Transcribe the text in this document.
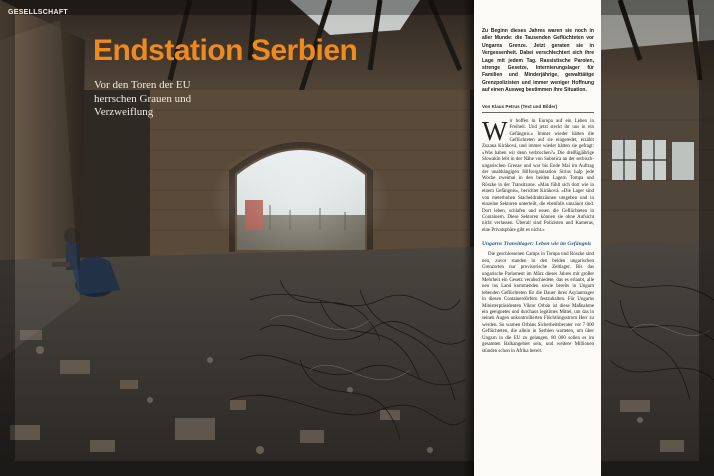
GESELLSCHAFT
Endstation Serbien
Vor den Toren der EU herrschen Grauen und Verzweiflung

Zu Beginn dieses Jahres waren sie noch in aller Munde: die Tausenden Geflüchteten vor Ungarns Grenze. Jetzt geraten sie in Vergessenheit. Dabei verschlechtert sich ihre Lage mit jedem Tag. Rassistische Parolen, strenge Gesetze, Internierungslager für Familien und Minderjährige, gewalttätige Grenzpolizisten und immer weniger Hoffnung auf einen Ausweg bestimmen ihre Situation.

Von Klaus Petrus (Text und Bilder)

Wir hoffen in Europa auf ein Leben in Freiheit. Und jetzt steckt ihr uns in ein Gefängnis.« Immer wieder hätten die Geflüchteten auf sie eingeredet, erzählt Zuzana Kiráková, und immer wieder hätten sie gefragt: »Was haben wir denn verbrochen?« Die dreißigjährige Slowakin lebt in der Nähe von Subotica an der serbisch-ungarischen Grenze und war bis Ende Mai im Auftrag der unabhängigen Hilfsorganisation Sirius halp jede Woche zweimal in den beiden Lagern Tompa und Röszke in der Transitzone. »Man fühlt sich dort wie in einem Gefängnis«, berichtet Kiráková. »Die Lager sind von meterhohen Stacheldrahtzäunen umgeben und in einzelne Sektoren unterteilt, die ebenfalls umzäunt sind. Dort leben, schlafen und essen die Geflüchteten in Containern. Diese Sektoren können sie ohne Aufsicht nicht verlassen. Überall sind Polizisten und Kameras, eine Privatsphäre gibt es nicht.«

Ungarns Transitlager: Leben wie im Gefängnis

Die geschlossenen Camps in Tompa und Röszke sind neu, zuvor standen in den beiden ungarischen Grenzorten nur provisorische Zeltlager. Bis das ungarische Parlament im März dieses Jahres mit großer Mehrheit ein Gesetz verabschiedete, das es erlaubt, alle neu ins Land kommenden sowie bereits in Ungarn lebenden Geflüchteten für die Dauer ihres Asylantrages in diesen Containerdörfern festzuhalten. Für Ungarns Ministerpräsidenten Viktor Orbán ist diese Maßnahme ein geeignetes und durchaus legitimes Mittel, um das in seinen Augen unkontrollierten Flüchtlingsstrom Herr zu werden. So warnen Orbáns Sicherheitsberater vor 7 000 Geflüchteten, die allein in Serbien warteten, um über Ungarn in die EU zu gelangen, 80 000 sollen es im gesamten Balkangebiet sein, und weitere Millionen stünden schon in Afrika bereit.
